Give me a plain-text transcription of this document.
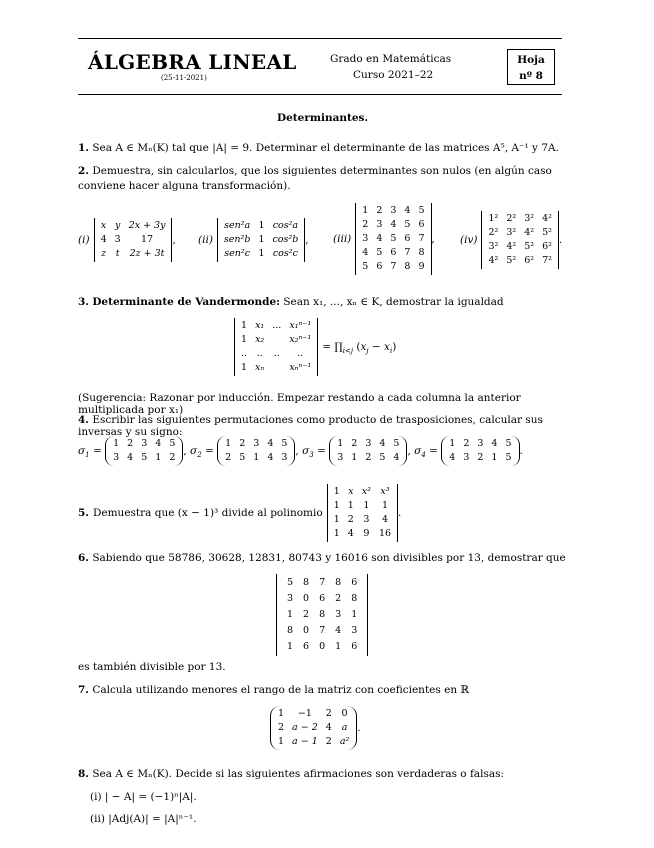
ÁLGEBRA LINEAL
(25-11-2021)
Grado en Matemáticas
Curso 2021–22
Hoja
nº 8
Determinantes.
1. Sea A ∈ Mₙ(K) tal que |A| = 9. Determinar el determinante de las matrices A⁵, A⁻¹ y 7A.
2. Demuestra, sin calcularlos, que los siguientes determinantes son nulos (en algún caso conviene hacer alguna transformación).
(i)
x	y	2x + 3y
4	3	17
z	t	2z + 3t
, (ii)
sen²a	1	cos²a
sen²b	1	cos²b
sen²c	1	cos²c
, (iii)
1	2	3	4	5
2	3	4	5	6
3	4	5	6	7
4	5	6	7	8
5	6	7	8	9
, (iv)
1²	2²	3²	4²
2²	3²	4²	5²
3²	4²	5²	6²
4²	5²	6²	7²
.
3. Determinante de Vandermonde: Sean x₁, ..., xₙ ∈ K, demostrar la igualdad
1	x₁	...	x₁ⁿ⁻¹
1	x₂		x₂ⁿ⁻¹
..	..	..	..
1	xₙ		xₙⁿ⁻¹
= $\prod_{i<j}$ $(x_j - x_i)$
(Sugerencia: Razonar por inducción. Empezar restando a cada columna la anterior multiplicada por x₁)
4. Escribir las siguientes permutaciones como producto de trasposiciones, calcular sus inversas y su signo:
$\sigma_1$ =
1	2	3	4	5
3	4	5	1	2
, $\sigma_2$ =
1	2	3	4	5
2	5	1	4	3
, $\sigma_3$ =
1	2	3	4	5
3	1	2	5	4
, $\sigma_4$ =
1	2	3	4	5
4	3	2	1	5
.
5. Demuestra que (x − 1)³ divide al polinomio
1	x	x²	x³
1	1	1	1
1	2	3	4
1	4	9	16
.
6. Sabiendo que 58786, 30628, 12831, 80743 y 16016 son divisibles por 13, demostrar que
5	8	7	8	6
3	0	6	2	8
1	2	8	3	1
8	0	7	4	3
1	6	0	1	6
es también divisible por 13.
7. Calcula utilizando menores el rango de la matriz con coeficientes en ℝ
1	−1	2	0
2	a − 2	4	a
1	a − 1	2	a²
.
8. Sea A ∈ Mₙ(K). Decide si las siguientes afirmaciones son verdaderas o falsas:
(i) | − A| = (−1)ⁿ|A|.
(ii) |Adj(A)| = |A|ⁿ⁻¹.
